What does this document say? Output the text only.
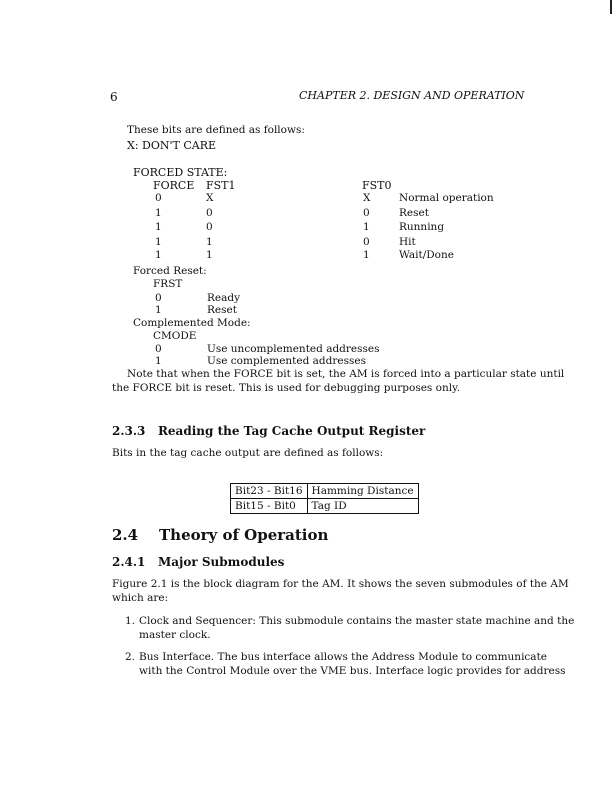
6	CHAPTER 2. DESIGN AND OPERATION
These bits are defined as follows:
X: DON'T CARE
FORCED STATE:
FORCE FST1	FST0
0	X	X	Normal operation
1	0	0	Reset
1	0	1	Running
1	1	0	Hit
1	1	1	Wait/Done
Forced Reset:
FRST
0	Ready
1	Reset
Complemented Mode:
CMODE
0	Use uncomplemented addresses
1	Use complemented addresses
Note that when the FORCE bit is set, the AM is forced into a particular state until
the FORCE bit is reset. This is used for debugging purposes only.
2.3.3 Reading the Tag Cache Output Register
Bits in the tag cache output are defined as follows:
Bit23 - Bit16	Hamming Distance
Bit15 - Bit0	Tag ID
2.4 Theory of Operation
2.4.1 Major Submodules
Figure 2.1 is the block diagram for the AM. It shows the seven submodules of the AM
which are:
1. Clock and Sequencer: This submodule contains the master state machine and the
master clock.
2. Bus Interface. The bus interface allows the Address Module to communicate
with the Control Module over the VME bus. Interface logic provides for address
